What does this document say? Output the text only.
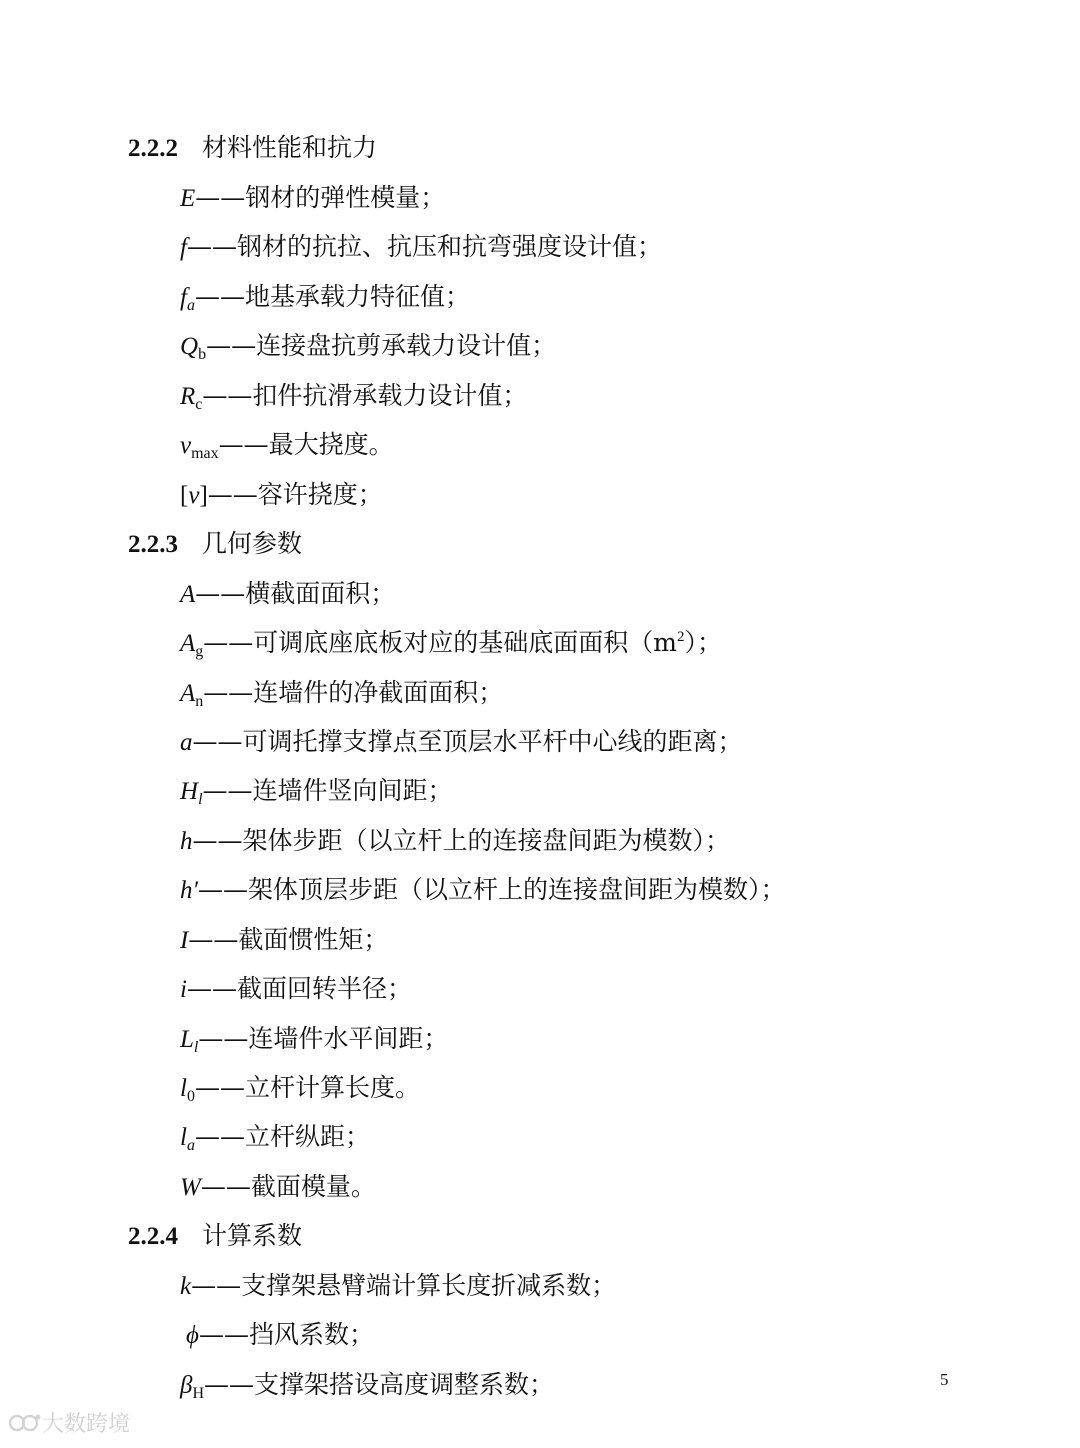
2.2.2 材料性能和抗力
E——钢材的弹性模量；
f——钢材的抗拉、抗压和抗弯强度设计值；
$f_a——$地基承载力特征值；
$Q_b——$连接盘抗剪承载力设计值；
$R_c——$扣件抗滑承载力设计值；
$v_{max}——$最大挠度。
[v]——容许挠度；
2.2.3 几何参数
A——横截面面积；
$A_g——$可调底座底板对应的基础底面面积$(m^2)$；
$A_n——$连墙件的净截面面积；
a——可调托撑支撑点至顶层水平杆中心线的距离；
$H_l——$连墙件竖向间距；
h——架体步距（以立杆上的连接盘间距为模数）；
h′——架体顶层步距（以立杆上的连接盘间距为模数）；
I——截面惯性矩；
i——截面回转半径；
$L_l——$连墙件水平间距；
$l_0——$立杆计算长度。
$l_a——$立杆纵距；
W——截面模量。
2.2.4 计算系数
k——支撑架悬臂端计算长度折减系数；
ϕ——挡风系数；
$\beta_H——$支撑架搭设高度调整系数；	5
大数跨境
